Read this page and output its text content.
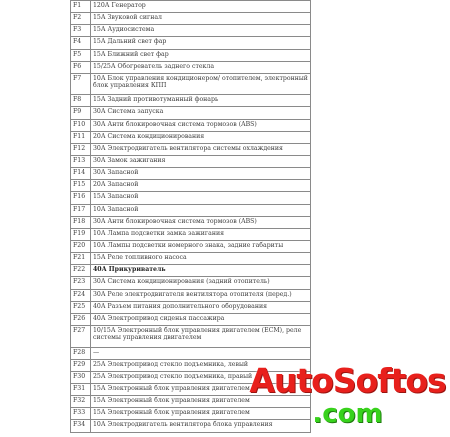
F1	120А Генератор
F2	15А Звуковой сигнал
F3	15А Аудиосистема
F4	15А Дальний свет фар
F5	15А Ближний свет фар
F6	15/25А Обогреватель заднего стекла
F7	10А Блок управления кондиционером/ отопителем, электронный блок управления КПП
F8	15А Задний противотуманный фонарь
F9	30А Система запуска
F10	30А Анти блокировочная система тормозов (ABS)
F11	20А Система кондиционирования
F12	30А Электродвигатель вентилятора системы охлаждения
F13	30А Замок зажигания
F14	30А Запасной
F15	20А Запасной
F16	15А Запасной
F17	10А Запасной
F18	30А Анти блокировочная система тормозов (ABS)
F19	10А Лампа подсветки замка зажигания
F20	10А Лампы подсветки номерного знака, задние габариты
F21	15А Реле топливного насоса
F22	40А Прикуриватель
F23	30А Система кондиционирования (задний отопитель)
F24	30А Реле электродвигателя вентилятора отопителя (перед.)
F25	40А Разъем питания дополнительного оборудования
F26	40А Электропривод сиденья пассажира
F27	10/15А Электронный блок управления двигателем (ECM), реле системы управления двигателем
F28	—
F29	25А Электропривод стекло подъемника, левый
F30	25А Электропривод стекло подъемника, правый
F31	15А Электронный блок управления двигателем
F32	15А Электронный блок управления двигателем
F33	15А Электронный блок управления двигателем
F34	10А Электродвигатель вентилятора блока управления
AutoSoftos
.com
